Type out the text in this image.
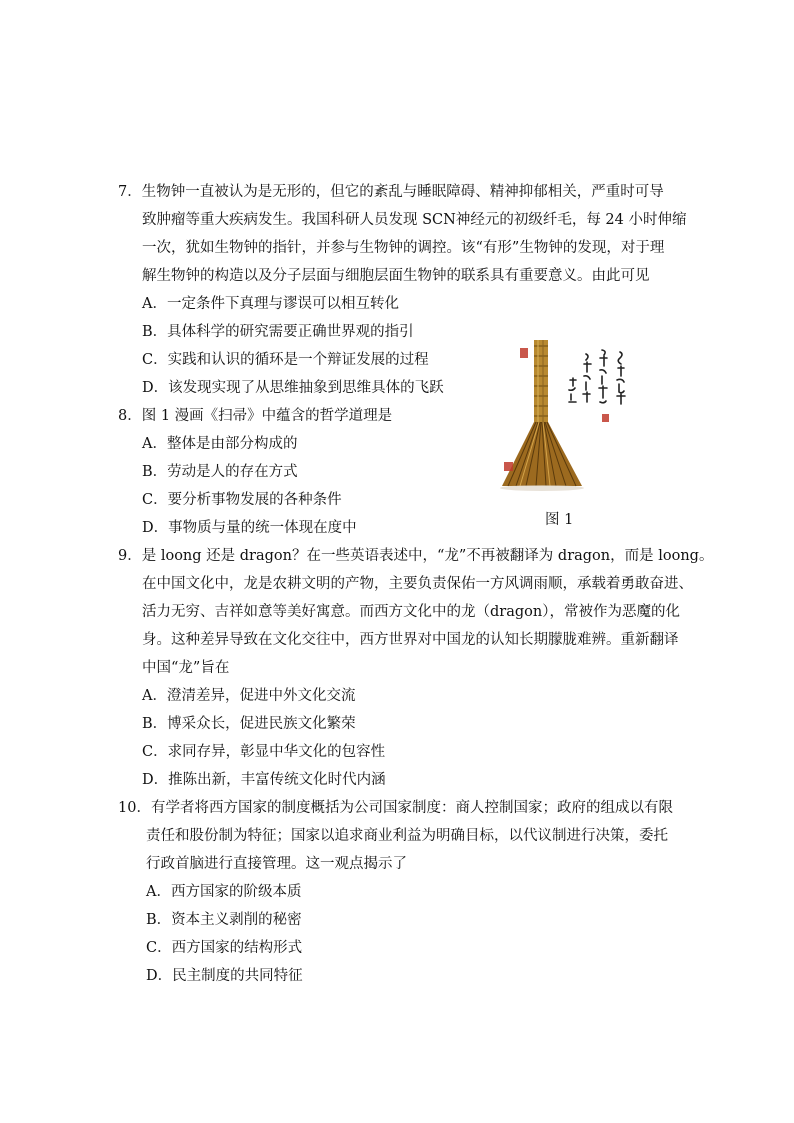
7．生物钟一直被认为是无形的，但它的紊乱与睡眠障碍、精神抑郁相关，严重时可导
致肿瘤等重大疾病发生。我国科研人员发现 SCN神经元的初级纤毛，每 24 小时伸缩
一次，犹如生物钟的指针，并参与生物钟的调控。该“有形”生物钟的发现，对于理
解生物钟的构造以及分子层面与细胞层面生物钟的联系具有重要意义。由此可见
A．一定条件下真理与谬误可以相互转化
B．具体科学的研究需要正确世界观的指引
C．实践和认识的循环是一个辩证发展的过程
D．该发现实现了从思维抽象到思维具体的飞跃
8．图 1 漫画《扫帚》中蕴含的哲学道理是
A．整体是由部分构成的
B．劳动是人的存在方式
C．要分析事物发展的各种条件
D．事物质与量的统一体现在度中	图 1
9．是 loong 还是 dragon？在一些英语表述中，“龙”不再被翻译为 dragon，而是 loong。
在中国文化中，龙是农耕文明的产物，主要负责保佑一方风调雨顺，承载着勇敢奋进、
活力无穷、吉祥如意等美好寓意。而西方文化中的龙（dragon），常被作为恶魔的化
身。这种差异导致在文化交往中，西方世界对中国龙的认知长期朦胧难辨。重新翻译
中国“龙”旨在
A．澄清差异，促进中外文化交流
B．博采众长，促进民族文化繁荣
C．求同存异，彰显中华文化的包容性
D．推陈出新，丰富传统文化时代内涵
10．有学者将西方国家的制度概括为公司国家制度：商人控制国家；政府的组成以有限
责任和股份制为特征；国家以追求商业利益为明确目标，以代议制进行决策，委托
行政首脑进行直接管理。这一观点揭示了
A．西方国家的阶级本质
B．资本主义剥削的秘密
C．西方国家的结构形式
D．民主制度的共同特征
